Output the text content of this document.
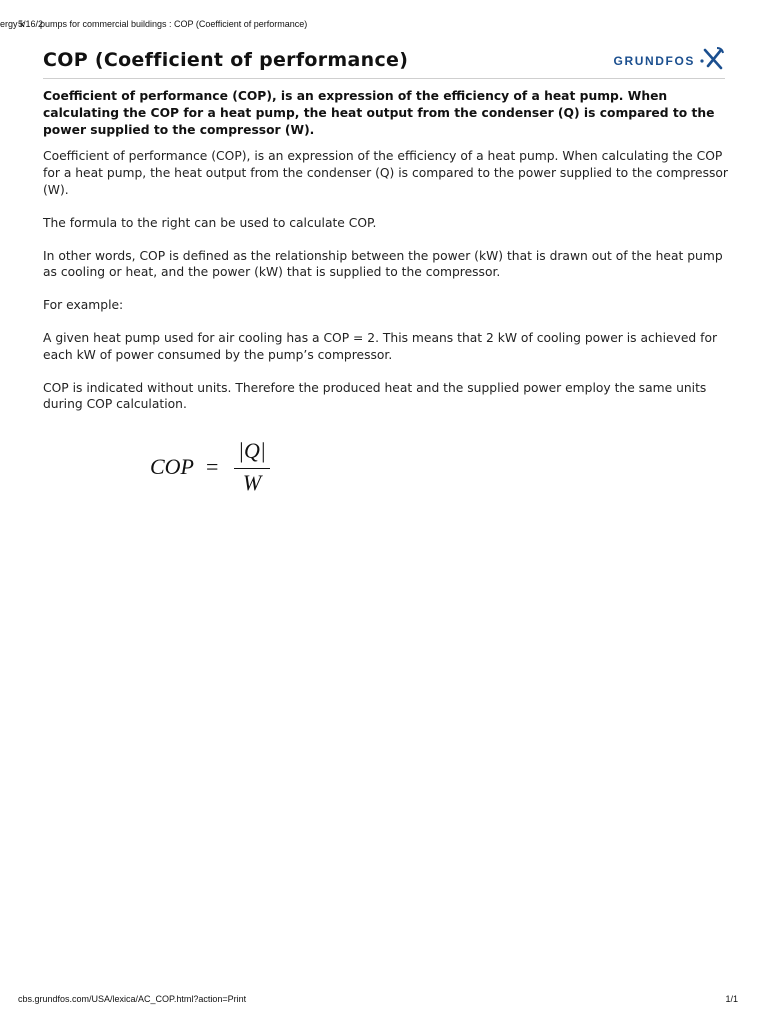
ergy k
5/16/2
pumps for commercial buildings : COP (Coefficient of performance)
COP (Coefficient of performance)	GRUNDFOS

Coefficient of performance (COP), is an expression of the efficiency of a heat pump. When calculating the COP for a heat pump, the heat output from the condenser (Q) is compared to the power supplied to the compressor (W).

Coefficient of performance (COP), is an expression of the efficiency of a heat pump. When calculating the COP for a heat pump, the heat output from the condenser (Q) is compared to the power supplied to the compressor (W).

The formula to the right can be used to calculate COP.

In other words, COP is defined as the relationship between the power (kW) that is drawn out of the heat pump as cooling or heat, and the power (kW) that is supplied to the compressor.

For example:

A given heat pump used for air cooling has a COP = 2. This means that 2 kW of cooling power is achieved for each kW of power consumed by the pump’s compressor.

COP is indicated without units. Therefore the produced heat and the supplied power employ the same units during COP calculation.

COP =
|Q|
W
cbs.grundfos.com/USA/lexica/AC_COP.html?action=Print	1/1
